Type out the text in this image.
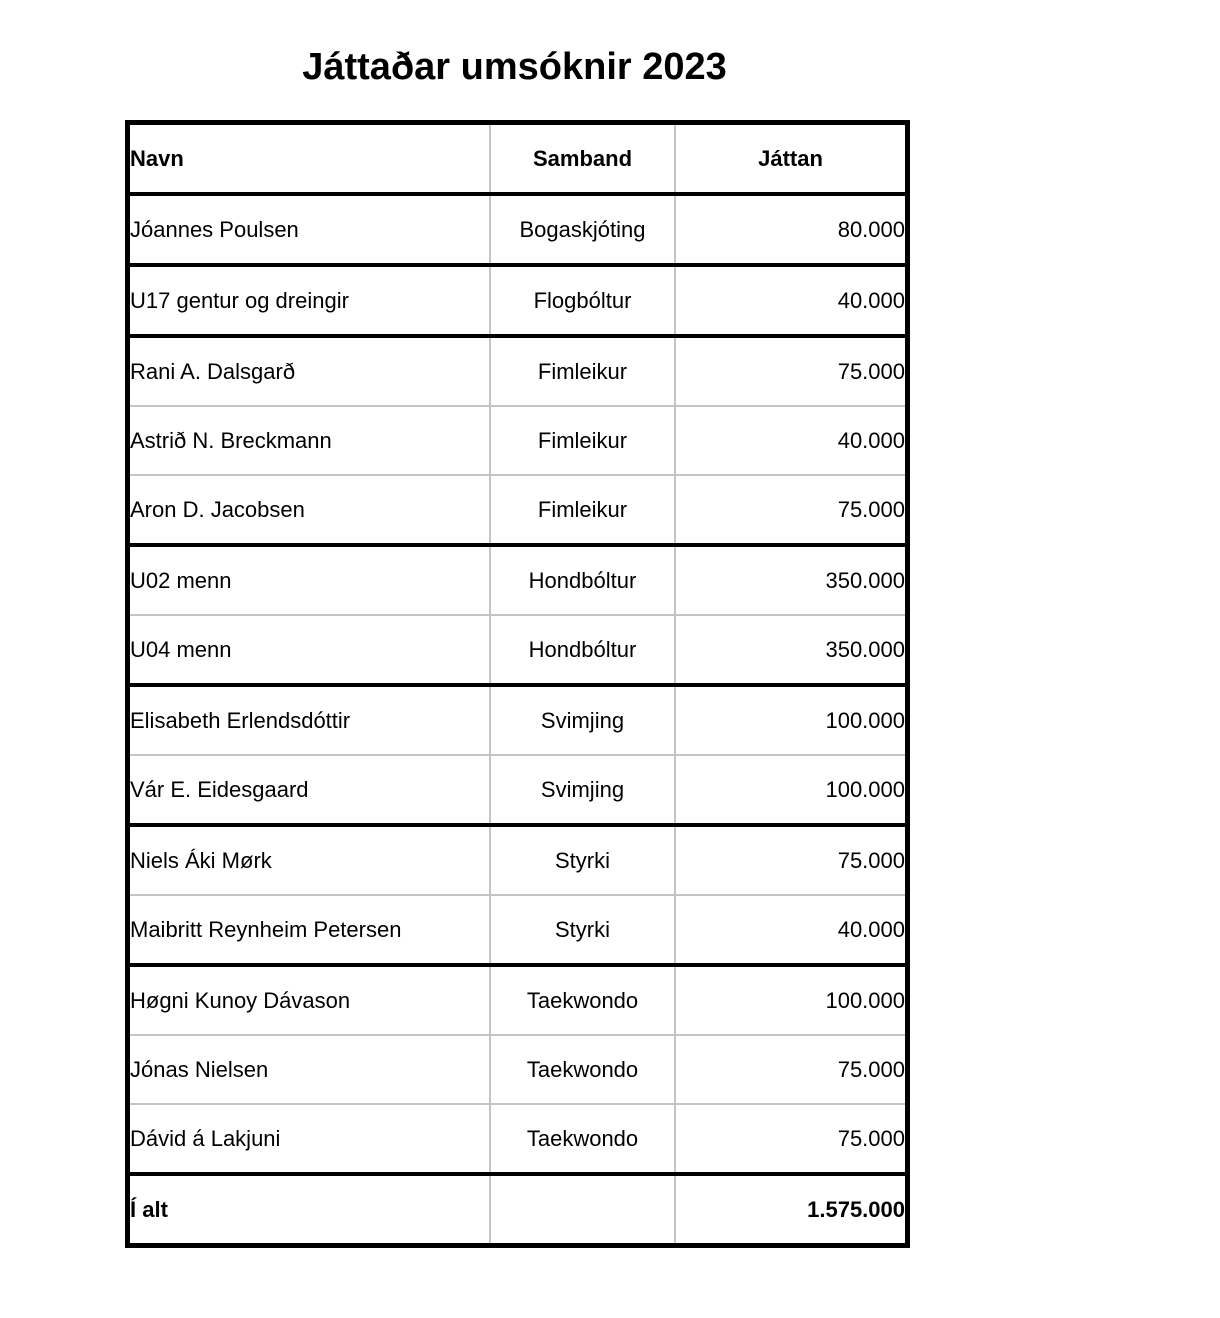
Játtaðar umsóknir 2023
Navn	Samband	Játtan
Jóannes Poulsen	Bogaskjóting	80.000
U17 gentur og dreingir	Flogbóltur	40.000
Rani A. Dalsgarð	Fimleikur	75.000
Astrið N. Breckmann	Fimleikur	40.000
Aron D. Jacobsen	Fimleikur	75.000
U02 menn	Hondbóltur	350.000
U04 menn	Hondbóltur	350.000
Elisabeth Erlendsdóttir	Svimjing	100.000
Vár E. Eidesgaard	Svimjing	100.000
Niels Áki Mørk	Styrki	75.000
Maibritt Reynheim Petersen	Styrki	40.000
Høgni Kunoy Dávason	Taekwondo	100.000
Jónas Nielsen	Taekwondo	75.000
Dávid á Lakjuni	Taekwondo	75.000
Í alt		1.575.000
